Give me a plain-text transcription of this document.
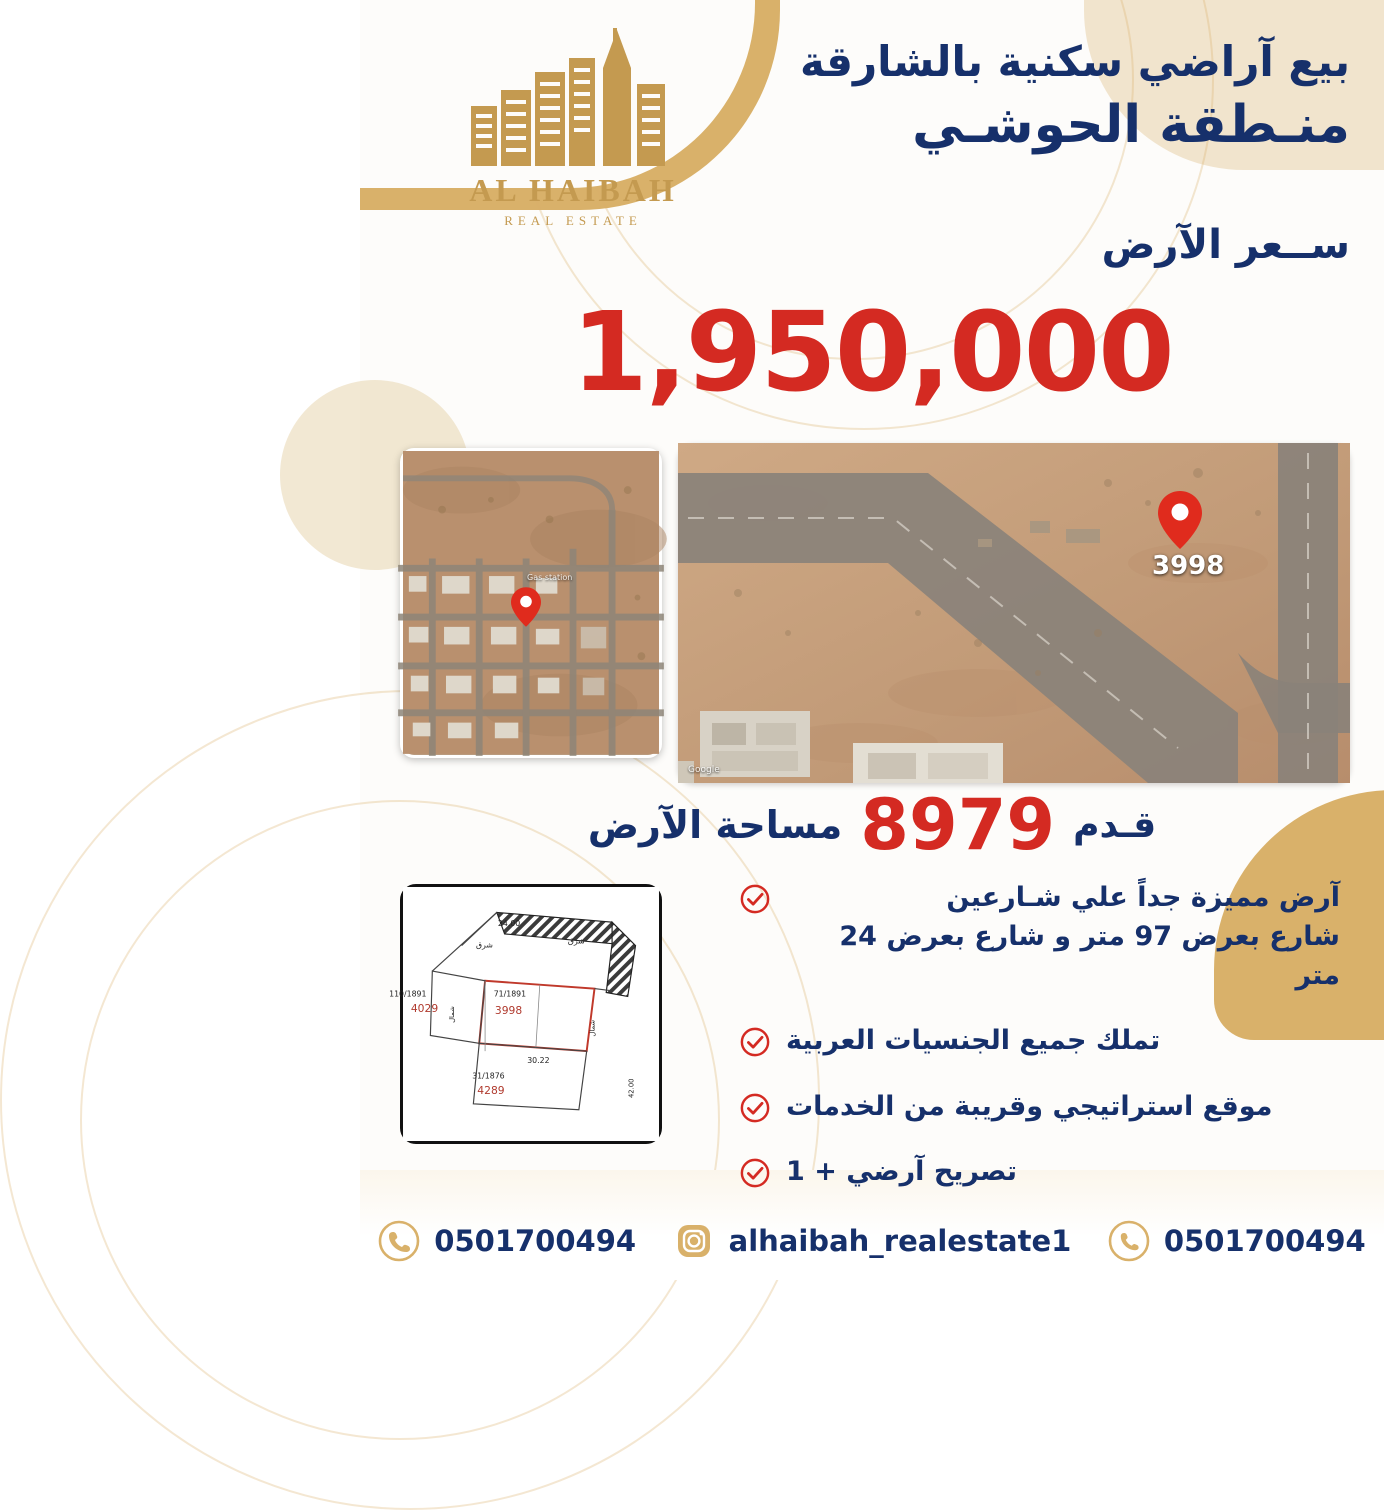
AL HAIBAH
REAL ESTATE
بيع آراضي سكنية بالشارقة
منـطقة الحوشـي
ســعر الآرض
1,950,000
3998
Google
Gas station
قـدم
8979
مساحة الآرض
24.00
شرق
شرق
110/1891
4029
71/1891
3998
31/1876
4289
30.22
شمال
شمال
42.00
آرض مميزة جداً علي شـارعين
شارع بعرض 97 متر و شارع بعرض 24 متر
تملك جميع الجنسيات العربية
موقع استراتيجي وقريبة من الخدمات
تصريح آرضي + 1
0501700494	alhaibah_realestate1	0501700494
